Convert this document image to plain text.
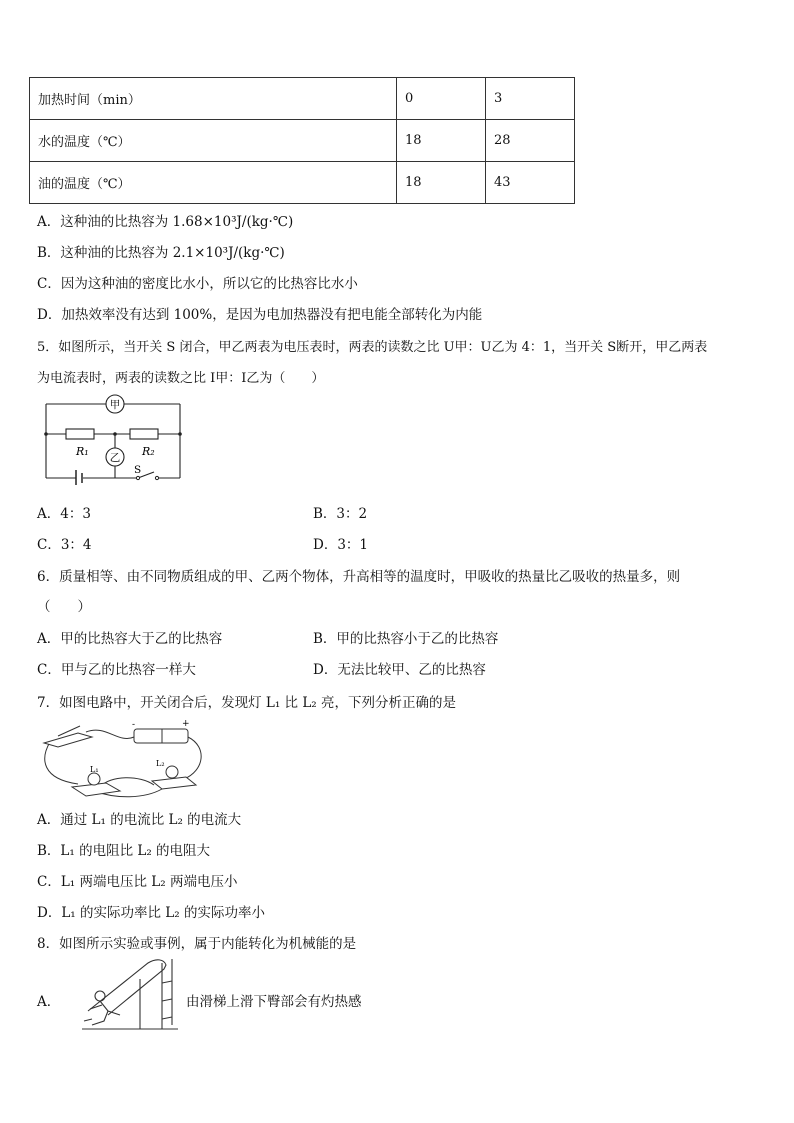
加热时间（min）	0	3
水的温度（℃）	18	28
油的温度（℃）	18	43
A．这种油的比热容为 1.68×10³J/(kg·℃)
B．这种油的比热容为 2.1×10³J/(kg·℃)
C．因为这种油的密度比水小，所以它的比热容比水小
D．加热效率没有达到 100%，是因为电加热器没有把电能全部转化为内能
5．如图所示，当开关 S 闭合，甲乙两表为电压表时，两表的读数之比 U甲：U乙为 4：1，当开关 S断开，甲乙两表
为电流表时，两表的读数之比 I甲：I乙为（　　）
甲
乙
R₁	R₂
S
A．4：3	B．3：2
C．3：4	D．3：1
6．质量相等、由不同物质组成的甲、乙两个物体，升高相等的温度时，甲吸收的热量比乙吸收的热量多，则
（　　）
A．甲的比热容大于乙的比热容	B．甲的比热容小于乙的比热容
C．甲与乙的比热容一样大	D．无法比较甲、乙的比热容
7．如图电路中，开关闭合后，发现灯 L₁ 比 L₂ 亮，下列分析正确的是
-	+
L₁
L₂
A．通过 L₁ 的电流比 L₂ 的电流大
B．L₁ 的电阻比 L₂ 的电阻大
C．L₁ 两端电压比 L₂ 两端电压小
D．L₁ 的实际功率比 L₂ 的实际功率小
8．如图所示实验或事例，属于内能转化为机械能的是
A．	由滑梯上滑下臀部会有灼热感
